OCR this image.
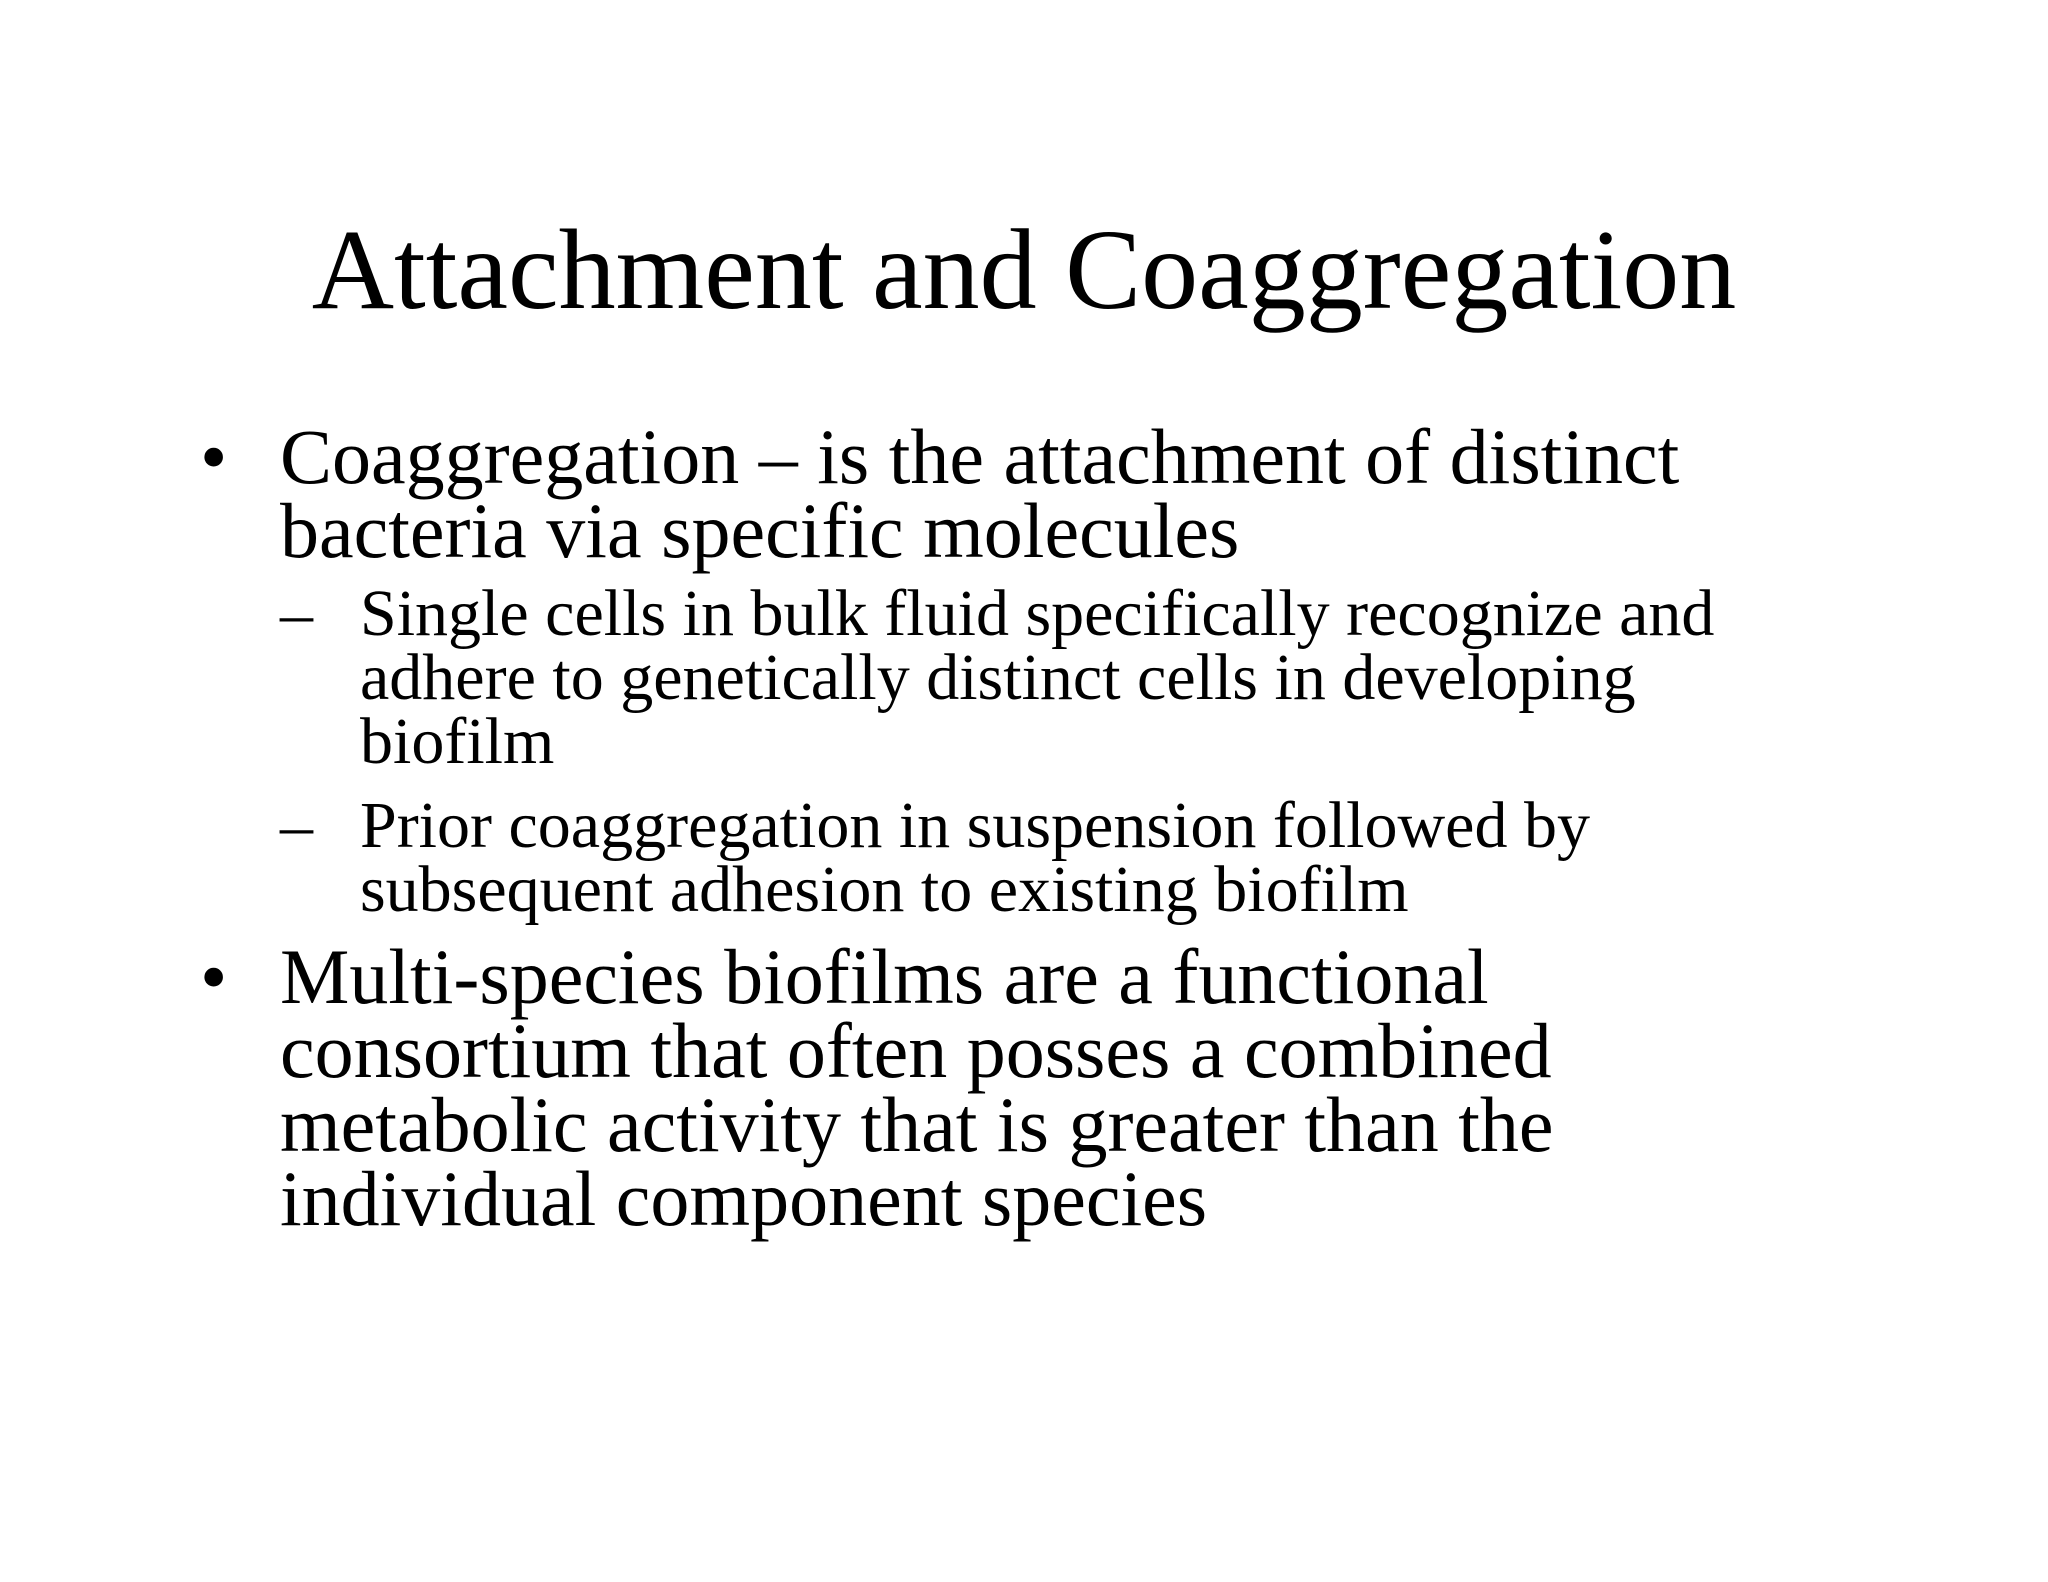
Attachment and Coaggregation
• Coaggregation – is the attachment of distinct
bacteria via specific molecules
– Single cells in bulk fluid specifically recognize and
adhere to genetically distinct cells in developing
biofilm
– Prior coaggregation in suspension followed by
subsequent adhesion to existing biofilm
• Multi-species biofilms are a functional
consortium that often posses a combined
metabolic activity that is greater than the
individual component species
